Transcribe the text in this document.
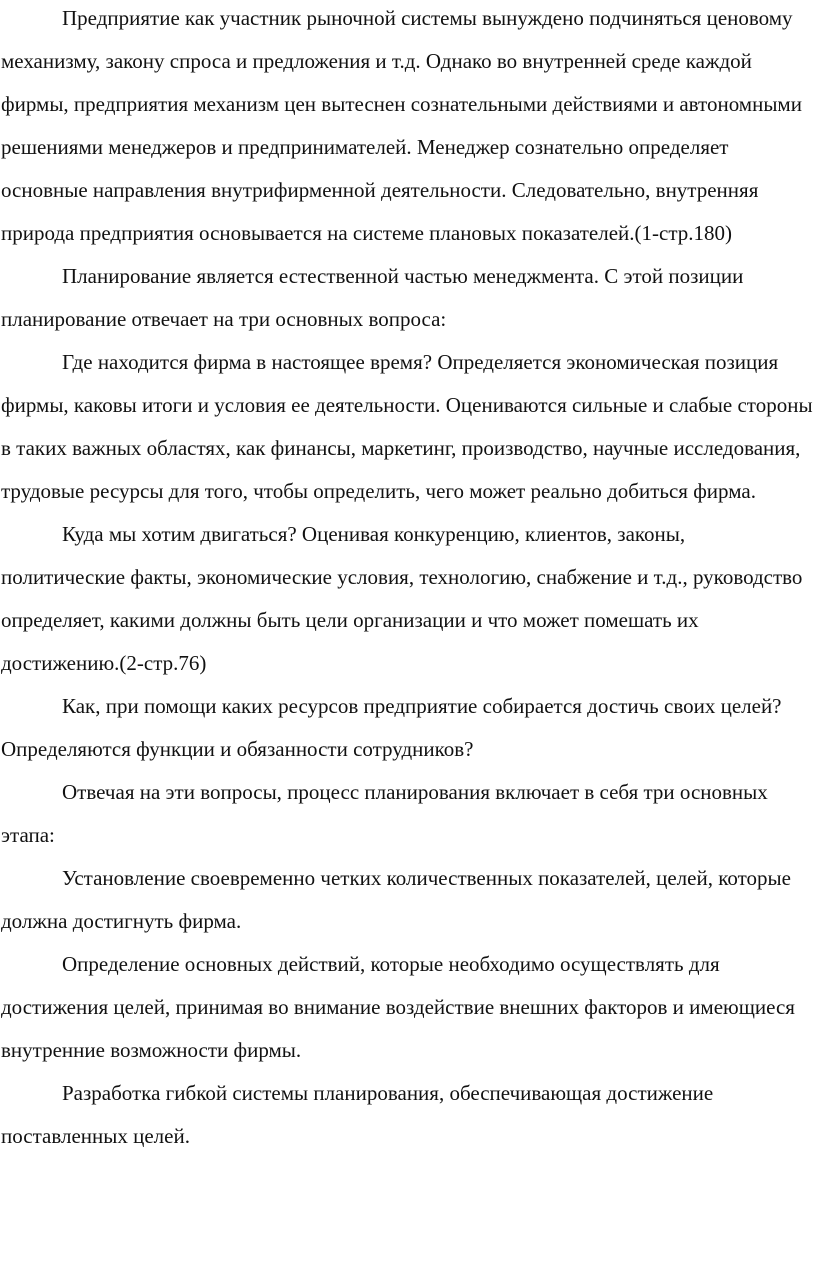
Предприятие как участник рыночной системы вынуждено подчиняться ценовому механизму, закону спроса и предложения и т.д. Однако во внутренней среде каждой фирмы, предприятия механизм цен вытеснен сознательными действиями и автономными решениями менеджеров и предпринимателей. Менеджер сознательно определяет основные направления внутрифирменной деятельности. Следовательно, внутренняя природа предприятия основывается на системе плановых показателей.(1-стр.180)

Планирование является естественной частью менеджмента. С этой позиции планирование отвечает на три основных вопроса:

Где находится фирма в настоящее время? Определяется экономическая позиция фирмы, каковы итоги и условия ее деятельности. Оцениваются сильные и слабые стороны в таких важных областях, как финансы, маркетинг, производство, научные исследования, трудовые ресурсы для того, чтобы определить, чего может реально добиться фирма.

Куда мы хотим двигаться? Оценивая конкуренцию, клиентов, законы, политические факты, экономические условия, технологию, снабжение и т.д., руководство определяет, какими должны быть цели организации и что может помешать их достижению.(2-стр.76)

Как, при помощи каких ресурсов предприятие собирается достичь своих целей? Определяются функции и обязанности сотрудников?

Отвечая на эти вопросы, процесс планирования включает в себя три основных этапа:

Установление своевременно четких количественных показателей, целей, которые должна достигнуть фирма.

Определение основных действий, которые необходимо осуществлять для достижения целей, принимая во внимание воздействие внешних факторов и имеющиеся внутренние возможности фирмы.

Разработка гибкой системы планирования, обеспечивающая достижение поставленных целей.
